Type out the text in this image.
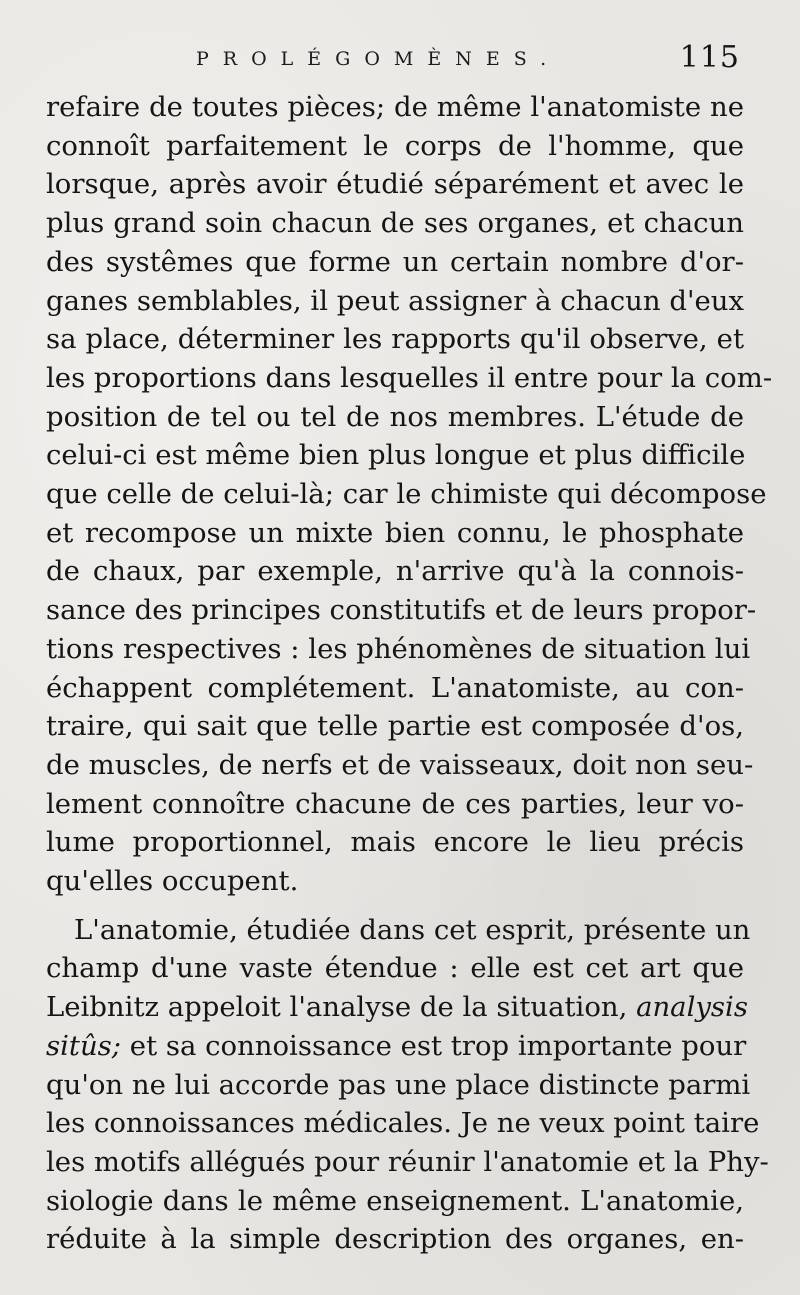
PROLÉGOMÈNES.	115
refaire de toutes pièces; de même l'anatomiste ne
connoît parfaitement le corps de l'homme, que
lorsque, après avoir étudié séparément et avec le
plus grand soin chacun de ses organes, et chacun
des systêmes que forme un certain nombre d'or-
ganes semblables, il peut assigner à chacun d'eux
sa place, déterminer les rapports qu'il observe, et
les proportions dans lesquelles il entre pour la com-
position de tel ou tel de nos membres. L'étude de
celui-ci est même bien plus longue et plus difficile
que celle de celui-là; car le chimiste qui décompose
et recompose un mixte bien connu, le phosphate
de chaux, par exemple, n'arrive qu'à la connois-
sance des principes constitutifs et de leurs propor-
tions respectives : les phénomènes de situation lui
échappent complétement. L'anatomiste, au con-
traire, qui sait que telle partie est composée d'os,
de muscles, de nerfs et de vaisseaux, doit non seu-
lement connoître chacune de ces parties, leur vo-
lume proportionnel, mais encore le lieu précis
qu'elles occupent.
L'anatomie, étudiée dans cet esprit, présente un
champ d'une vaste étendue : elle est cet art que
Leibnitz appeloit l'analyse de la situation, analysis
sitûs; et sa connoissance est trop importante pour
qu'on ne lui accorde pas une place distincte parmi
les connoissances médicales. Je ne veux point taire
les motifs allégués pour réunir l'anatomie et la Phy-
siologie dans le même enseignement. L'anatomie,
réduite à la simple description des organes, en-
